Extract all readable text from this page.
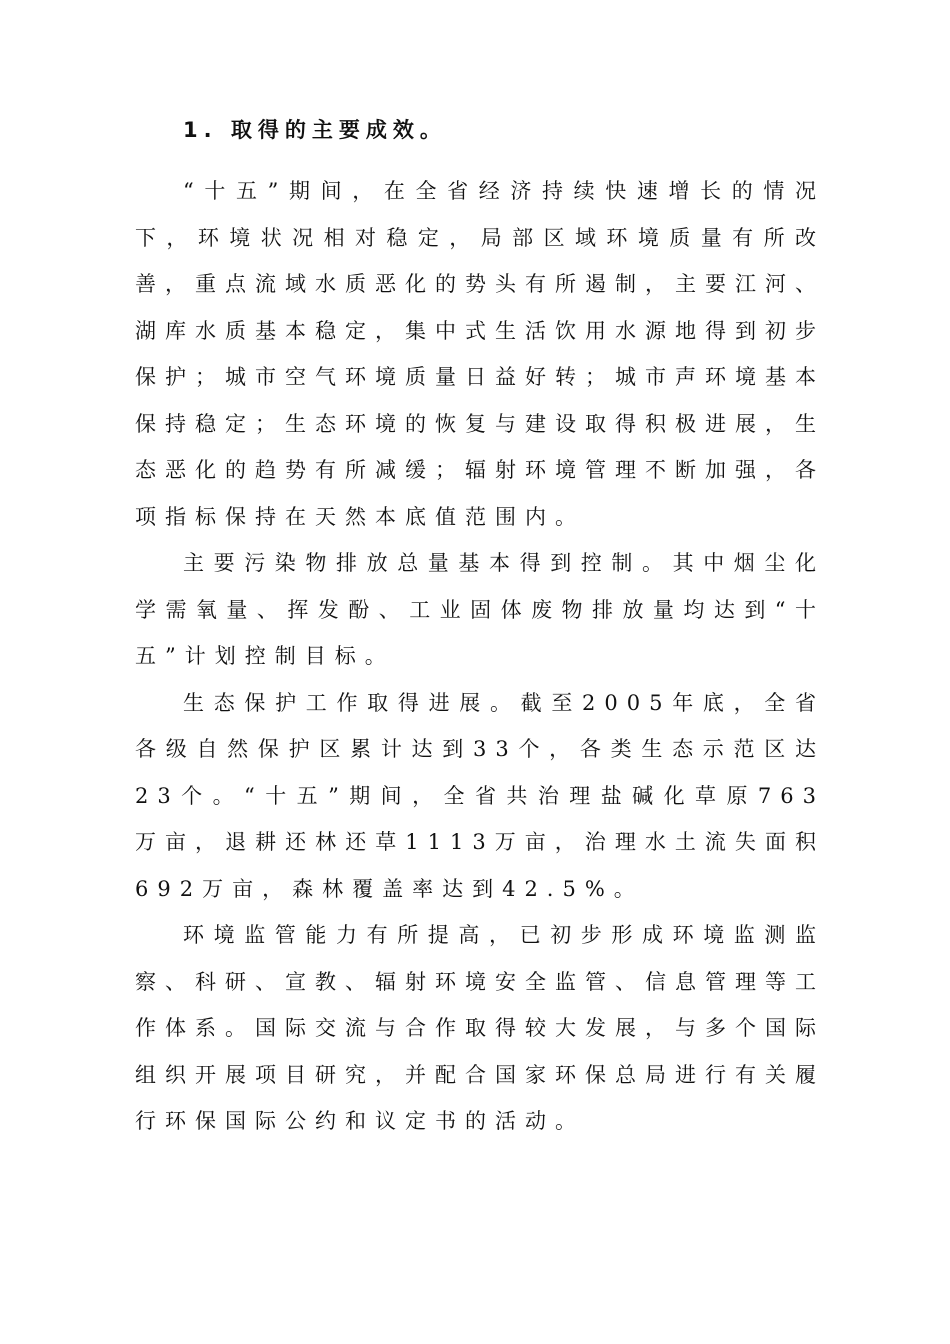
1. 取得的主要成效。

“十五”期间，在全省经济持续快速增长的情况下，环境状况相对稳定，局部区域环境质量有所改善，重点流域水质恶化的势头有所遏制，主要江河、湖库水质基本稳定，集中式生活饮用水源地得到初步保护；城市空气环境质量日益好转；城市声环境基本保持稳定；生态环境的恢复与建设取得积极进展，生态恶化的趋势有所减缓；辐射环境管理不断加强，各项指标保持在天然本底值范围内。

主要污染物排放总量基本得到控制。其中烟尘化学需氧量、挥发酚、工业固体废物排放量均达到“十五”计划控制目标。

生态保护工作取得进展。截至2005年底，全省各级自然保护区累计达到33个，各类生态示范区达23个。“十五”期间，全省共治理盐碱化草原763万亩，退耕还林还草1113万亩，治理水土流失面积692万亩，森林覆盖率达到42.5%。

环境监管能力有所提高，已初步形成环境监测监察、科研、宣教、辐射环境安全监管、信息管理等工作体系。国际交流与合作取得较大发展，与多个国际组织开展项目研究，并配合国家环保总局进行有关履行环保国际公约和议定书的活动。
